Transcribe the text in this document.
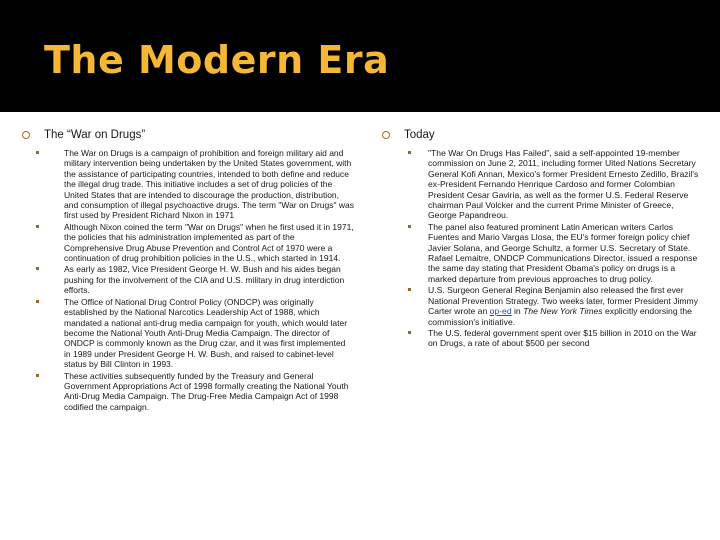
The Modern Era
The “War on Drugs”
The War on Drugs is a campaign of prohibition and foreign military aid and military intervention being undertaken by the United States government, with the assistance of participating countries, intended to both define and reduce the illegal drug trade. This initiative includes a set of drug policies of the United States that are intended to discourage the production, distribution, and consumption of illegal psychoactive drugs. The term "War on Drugs" was first used by President Richard Nixon in 1971
Although Nixon coined the term "War on Drugs" when he first used it in 1971, the policies that his administration implemented as part of the Comprehensive Drug Abuse Prevention and Control Act of 1970 were a continuation of drug prohibition policies in the U.S., which started in 1914.
As early as 1982, Vice President George H. W. Bush and his aides began pushing for the involvement of the CIA and U.S. military in drug interdiction efforts.
The Office of National Drug Control Policy (ONDCP) was originally established by the National Narcotics Leadership Act of 1988, which mandated a national anti-drug media campaign for youth, which would later become the National Youth Anti-Drug Media Campaign. The director of ONDCP is commonly known as the Drug czar, and it was first implemented in 1989 under President George H. W. Bush, and raised to cabinet-level status by Bill Clinton in 1993.
These activities subsequently funded by the Treasury and General Government Appropriations Act of 1998 formally creating the National Youth Anti-Drug Media Campaign. The Drug-Free Media Campaign Act of 1998 codified the campaign.
Today
"The War On Drugs Has Failed", said a self-appointed 19-member commission on June 2, 2011, including former Uited Nations Secretary General Kofi Annan, Mexico's former President Ernesto Zedillo, Brazil's ex-President Fernando Henrique Cardoso and former Colombian President Cesar Gaviria, as well as the former U.S. Federal Reserve chairman Paul Volcker and the current Prime Minister of Greece, George Papandreou.
The panel also featured prominent Latin American writers Carlos Fuentes and Mario Vargas Llosa, the EU's former foreign policy chief Javier Solana, and George Schultz, a former U.S. Secretary of State. Rafael Lemaitre, ONDCP Communications Director, issued a response the same day stating that President Obama's policy on drugs is a marked departure from previous approaches to drug policy.
U.S. Surgeon General Regina Benjamin also released the first ever National Prevention Strategy. Two weeks later, former President Jimmy Carter wrote an op-ed in The New York Times explicitly endorsing the commission's initiative.
The U.S. federal government spent over $15 billion in 2010 on the War on Drugs, a rate of about $500 per second
